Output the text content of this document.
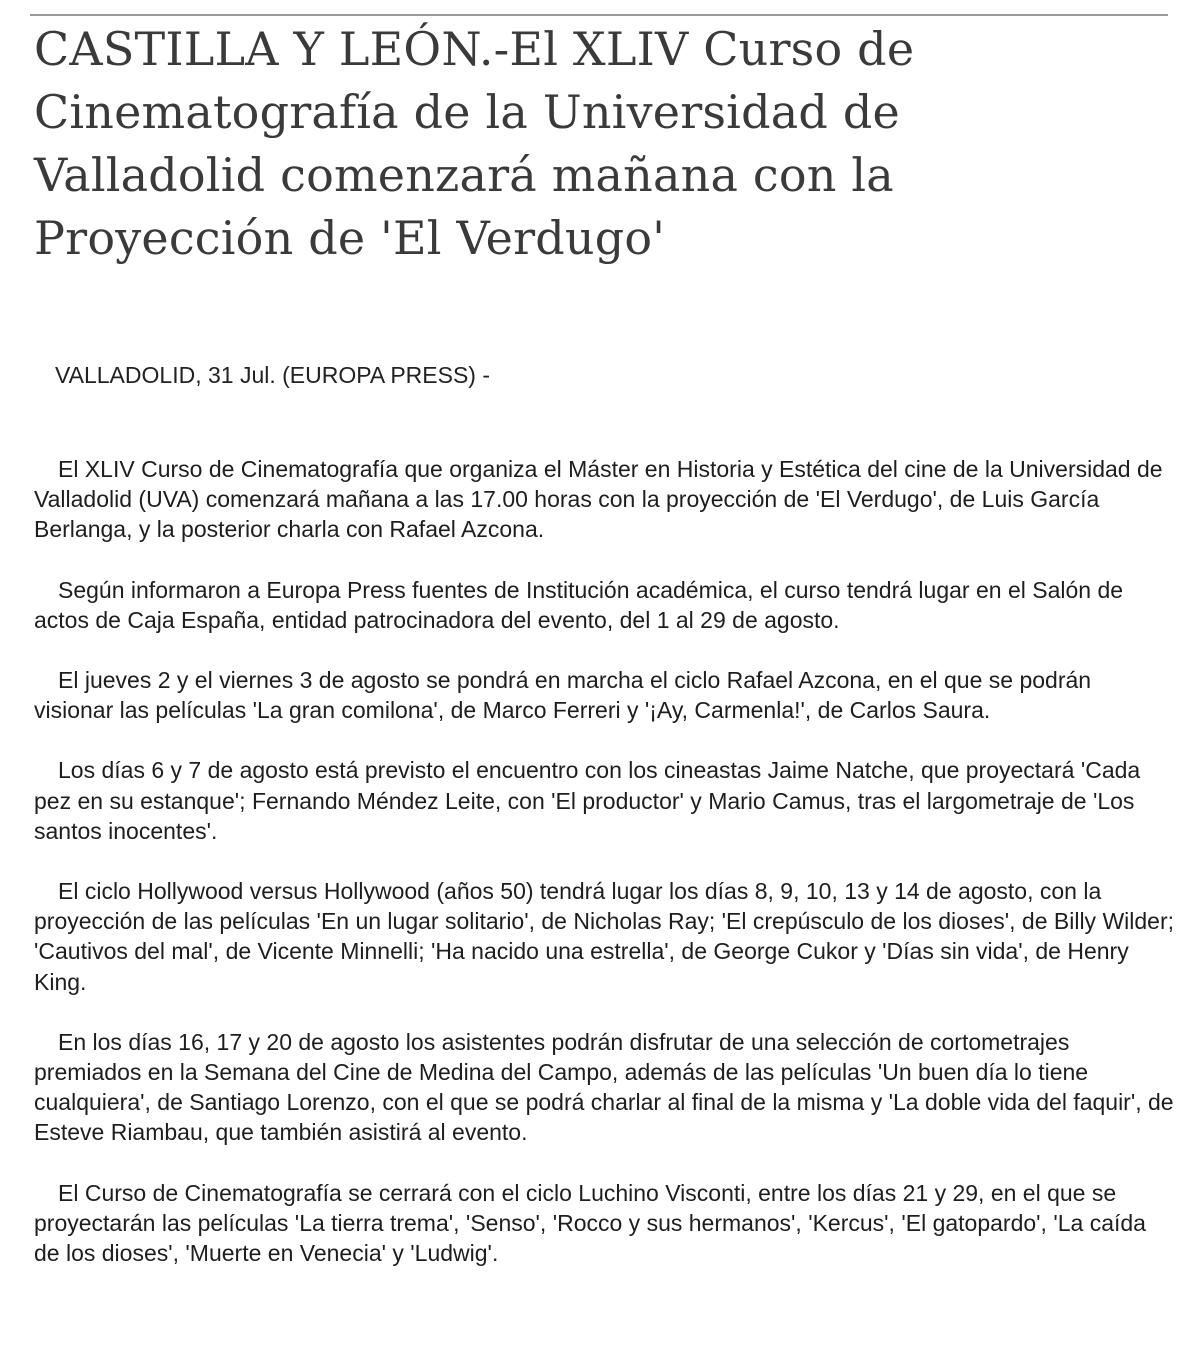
CASTILLA Y LEÓN.-El XLIV Curso de Cinematografía de la Universidad de Valladolid comenzará mañana con la Proyección de 'El Verdugo'

VALLADOLID, 31 Jul. (EUROPA PRESS) -

El XLIV Curso de Cinematografía que organiza el Máster en Historia y Estética del cine de la Universidad de Valladolid (UVA) comenzará mañana a las 17.00 horas con la proyección de 'El Verdugo', de Luis García Berlanga, y la posterior charla con Rafael Azcona.

Según informaron a Europa Press fuentes de Institución académica, el curso tendrá lugar en el Salón de actos de Caja España, entidad patrocinadora del evento, del 1 al 29 de agosto.

El jueves 2 y el viernes 3 de agosto se pondrá en marcha el ciclo Rafael Azcona, en el que se podrán visionar las películas 'La gran comilona', de Marco Ferreri y '¡Ay, Carmenla!', de Carlos Saura.

Los días 6 y 7 de agosto está previsto el encuentro con los cineastas Jaime Natche, que proyectará 'Cada pez en su estanque'; Fernando Méndez Leite, con 'El productor' y Mario Camus, tras el largometraje de 'Los santos inocentes'.

El ciclo Hollywood versus Hollywood (años 50) tendrá lugar los días 8, 9, 10, 13 y 14 de agosto, con la proyección de las películas 'En un lugar solitario', de Nicholas Ray; 'El crepúsculo de los dioses', de Billy Wilder; 'Cautivos del mal', de Vicente Minnelli; 'Ha nacido una estrella', de George Cukor y 'Días sin vida', de Henry King.

En los días 16, 17 y 20 de agosto los asistentes podrán disfrutar de una selección de cortometrajes premiados en la Semana del Cine de Medina del Campo, además de las películas 'Un buen día lo tiene cualquiera', de Santiago Lorenzo, con el que se podrá charlar al final de la misma y 'La doble vida del faquir', de Esteve Riambau, que también asistirá al evento.

El Curso de Cinematografía se cerrará con el ciclo Luchino Visconti, entre los días 21 y 29, en el que se proyectarán las películas 'La tierra trema', 'Senso', 'Rocco y sus hermanos', 'Kercus', 'El gatopardo', 'La caída de los dioses', 'Muerte en Venecia' y 'Ludwig'.
